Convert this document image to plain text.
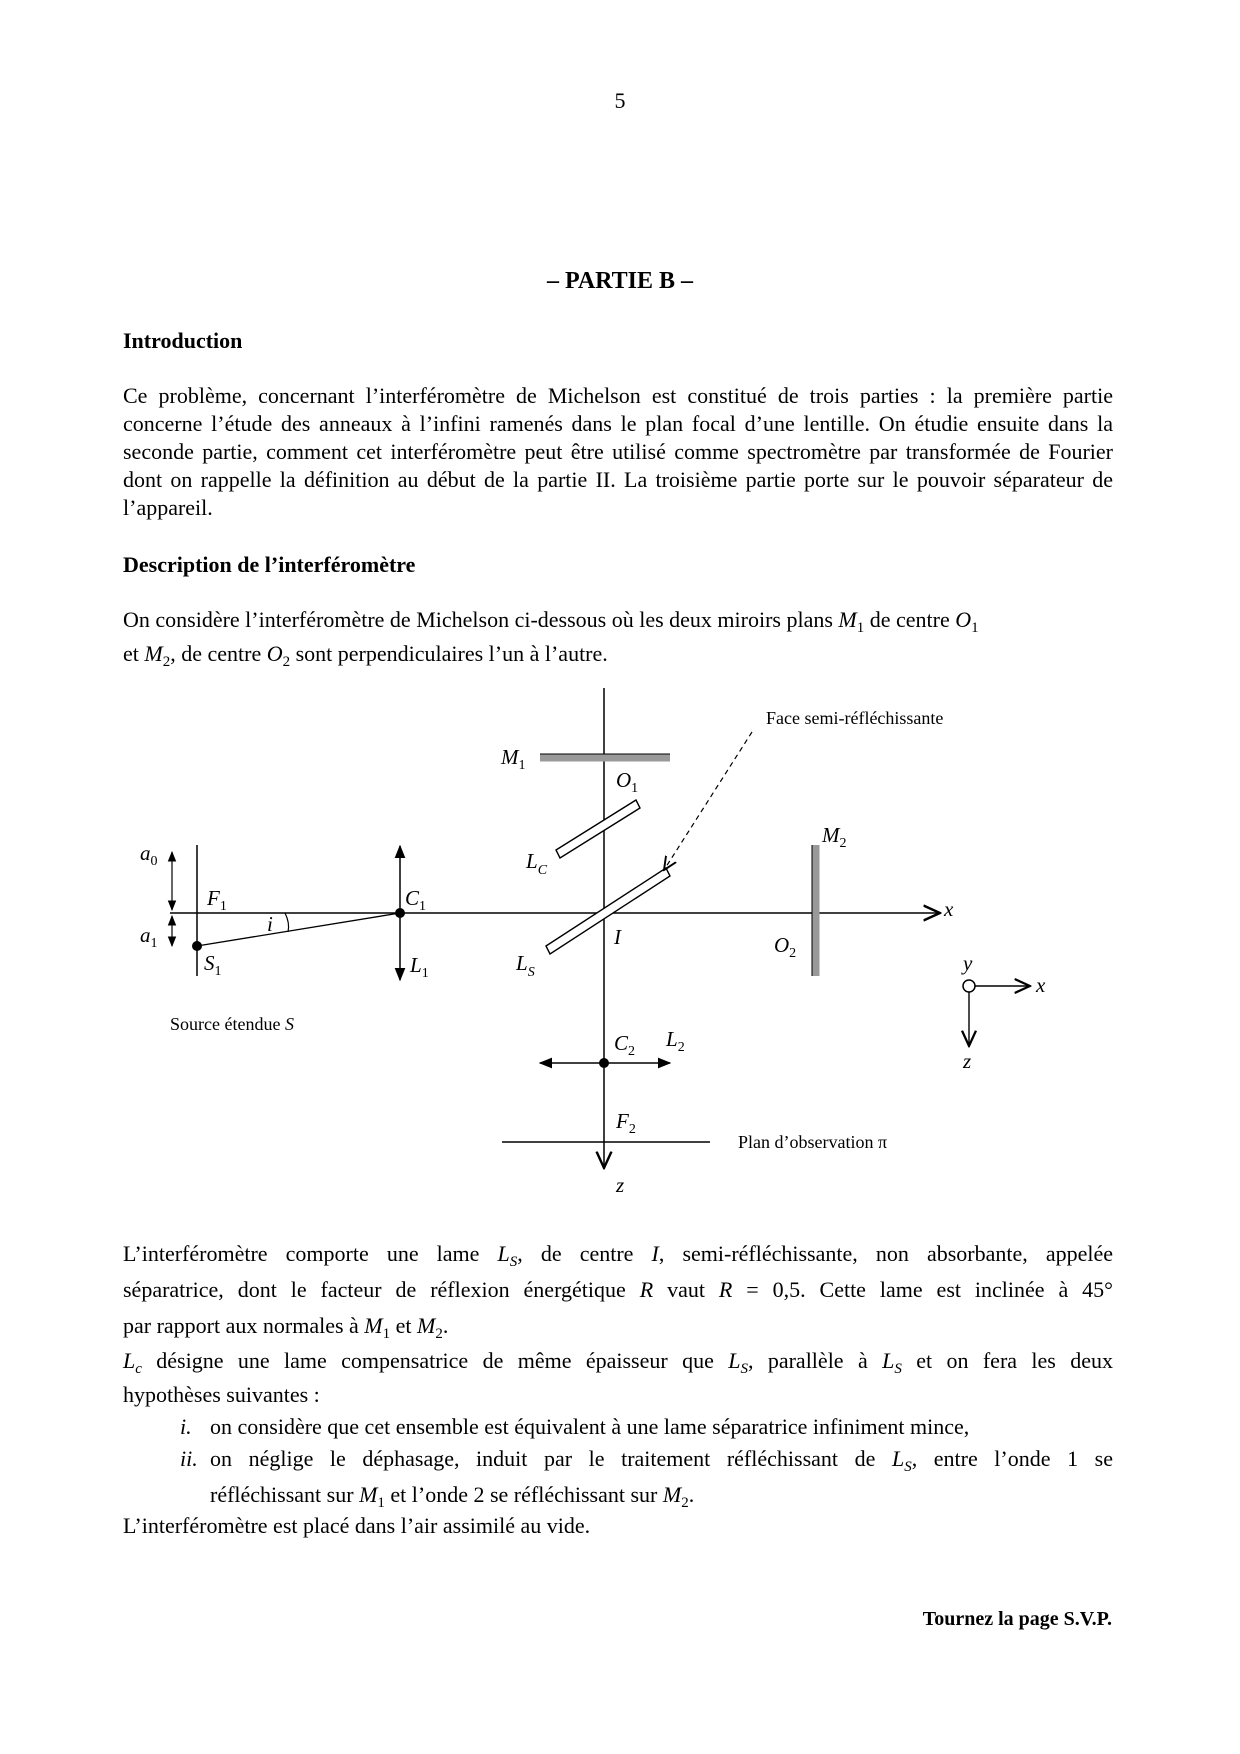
5
– PARTIE B –
Introduction
Ce problème, concernant l’interféromètre de Michelson est constitué de trois parties : la première partie concerne l’étude des anneaux à l’infini ramenés dans le plan focal d’une lentille. On étudie ensuite dans la seconde partie, comment cet interféromètre peut être utilisé comme spectromètre par transformée de Fourier dont on rappelle la définition au début de la partie II. La troisième partie porte sur le pouvoir séparateur de l’appareil.
Description de l’interféromètre
On considère l’interféromètre de Michelson ci-dessous où les deux miroirs plans $M_1$ de centre $O_1$
et $M_2$, de centre $O_2$ sont perpendiculaires l’un à l’autre.
Face semi-réfléchissante
$M_1$
$O_1$
$L_C$
$M_2$
x
$a_0$
$a_1$
$F_1$
i
$C_1$
$S_1$	$L_1$	$L_S$
I	$O_2$	y
x
z
Source étendue S
$C_2$
$L_2$
$F_2$
Plan d’observation π
z
L’interféromètre comporte une lame $L_S$, de centre I, semi-réfléchissante, non absorbante, appelée
séparatrice, dont le facteur de réflexion énergétique R vaut R = 0,5. Cette lame est inclinée à 45°
par rapport aux normales à $M_1$ et $M_2$.
$L_c$ désigne une lame compensatrice de même épaisseur que $L_S$, parallèle à $L_S$ et on fera les deux
hypothèses suivantes :
i. on considère que cet ensemble est équivalent à une lame séparatrice infiniment mince,
ii. on néglige le déphasage, induit par le traitement réfléchissant de $L_S$, entre l’onde 1 se
réfléchissant sur $M_1$ et l’onde 2 se réfléchissant sur $M_2$.
L’interféromètre est placé dans l’air assimilé au vide.
Tournez la page S.V.P.
